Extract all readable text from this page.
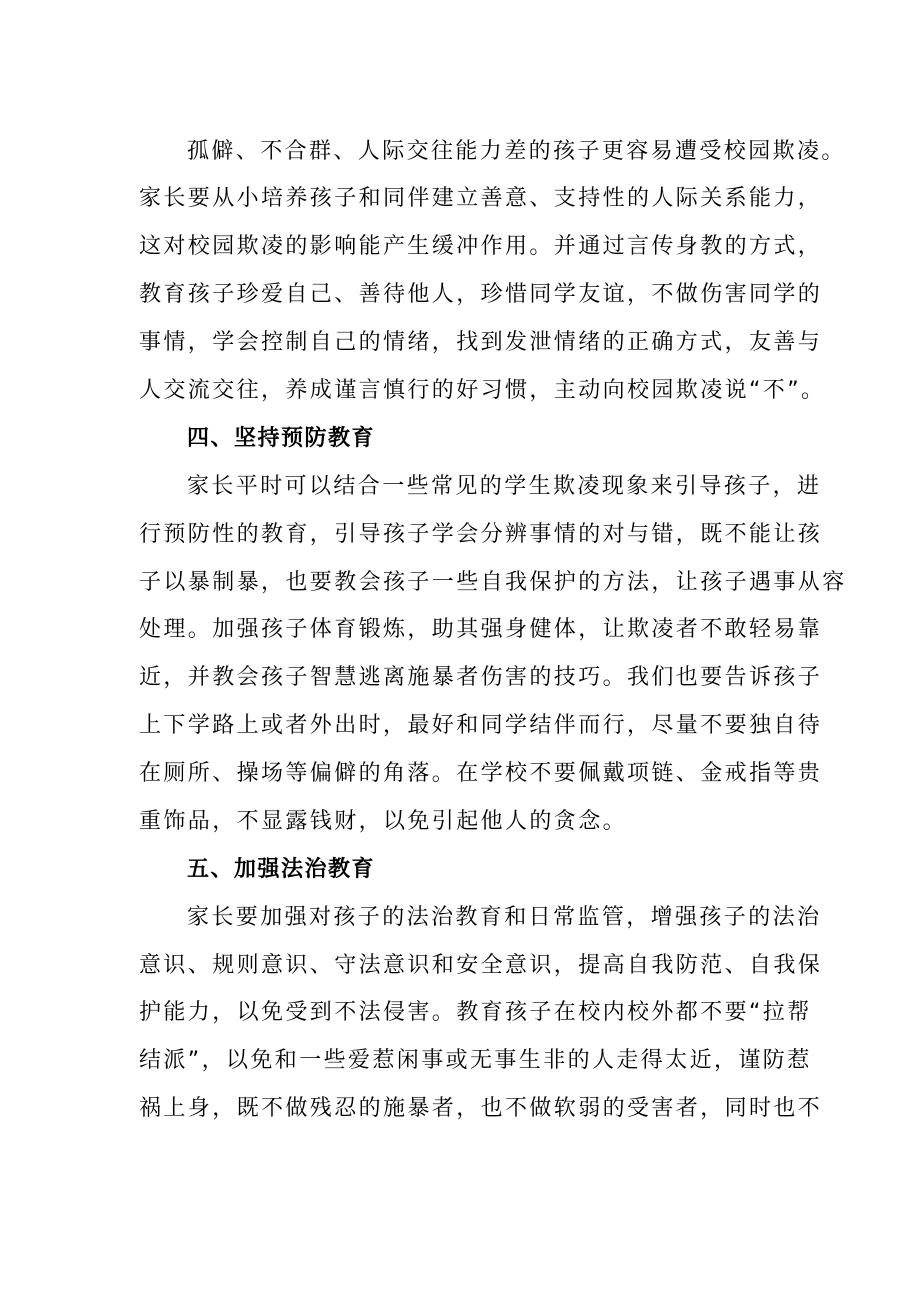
孤僻、不合群、人际交往能力差的孩子更容易遭受校园欺凌。
家长要从小培养孩子和同伴建立善意、支持性的人际关系能力，
这对校园欺凌的影响能产生缓冲作用。并通过言传身教的方式，
教育孩子珍爱自己、善待他人，珍惜同学友谊，不做伤害同学的
事情，学会控制自己的情绪，找到发泄情绪的正确方式，友善与
人交流交往，养成谨言慎行的好习惯，主动向校园欺凌说“不”。
四、坚持预防教育
家长平时可以结合一些常见的学生欺凌现象来引导孩子，进
行预防性的教育，引导孩子学会分辨事情的对与错，既不能让孩
子以暴制暴，也要教会孩子一些自我保护的方法，让孩子遇事从容
处理。加强孩子体育锻炼，助其强身健体，让欺凌者不敢轻易靠
近，并教会孩子智慧逃离施暴者伤害的技巧。我们也要告诉孩子
上下学路上或者外出时，最好和同学结伴而行，尽量不要独自待
在厕所、操场等偏僻的角落。在学校不要佩戴项链、金戒指等贵
重饰品，不显露钱财，以免引起他人的贪念。
五、加强法治教育
家长要加强对孩子的法治教育和日常监管，增强孩子的法治
意识、规则意识、守法意识和安全意识，提高自我防范、自我保
护能力，以免受到不法侵害。教育孩子在校内校外都不要“拉帮
结派”，以免和一些爱惹闲事或无事生非的人走得太近，谨防惹
祸上身，既不做残忍的施暴者，也不做软弱的受害者，同时也不
